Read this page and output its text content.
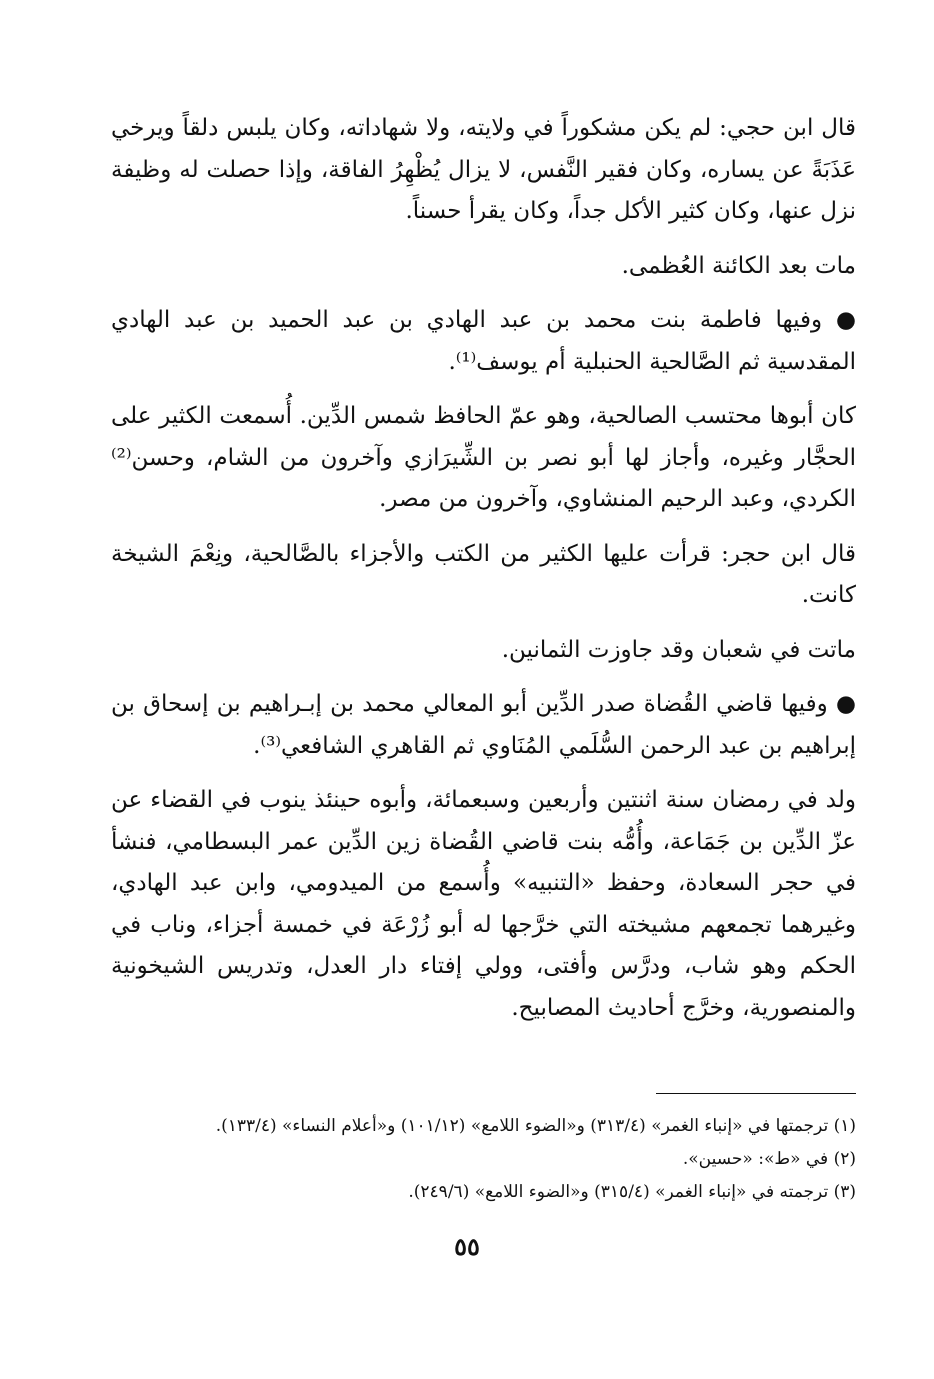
قال ابن حجي: لم يكن مشكوراً في ولايته، ولا شهاداته، وكان يلبس دلقاً ويرخي عَذَبَةً عن يساره، وكان فقير النَّفس، لا يزال يُظْهِرُ الفاقة، وإذا حصلت له وظيفة نزل عنها، وكان كثير الأكل جداً، وكان يقرأ حسناً.

مات بعد الكائنة العُظمى.

● وفيها فاطمة بنت محمد بن عبد الهادي بن عبد الحميد بن عبد الهادي المقدسية ثم الصَّالحية الحنبلية أم يوسف⁽¹⁾.

كان أبوها محتسب الصالحية، وهو عمّ الحافظ شمس الدِّين. أُسمعت الكثير على الحجَّار وغيره، وأجاز لها أبو نصر بن الشِّيرَازي وآخرون من الشام، وحسن⁽²⁾ الكردي، وعبد الرحيم المنشاوي، وآخرون من مصر.

قال ابن حجر: قرأت عليها الكثير من الكتب والأجزاء بالصَّالحية، ونِعْمَ الشيخة كانت.

ماتت في شعبان وقد جاوزت الثمانين.

● وفيها قاضي القُضاة صدر الدِّين أبو المعالي محمد بن إبـراهيم بن إسحاق بن إبراهيم بن عبد الرحمن السُّلَمي المُنَاوي ثم القاهري الشافعي⁽³⁾.

ولد في رمضان سنة اثنتين وأربعين وسبعمائة، وأبوه حينئذ ينوب في القضاء عن عزّ الدِّين بن جَمَاعة، وأُمُّه بنت قاضي القُضاة زين الدِّين عمر البسطامي، فنشأ في حجر السعادة، وحفظ «التنبيه» وأُسمع من الميدومي، وابن عبد الهادي، وغيرهما تجمعهم مشيخته التي خرَّجها له أبو زُرْعَة في خمسة أجزاء، وناب في الحكم وهو شاب، ودرَّس وأفتى، وولي إفتاء دار العدل، وتدريس الشيخونية والمنصورية، وخرَّج أحاديث المصابيح.

(١) ترجمتها في «إنباء الغمر» (٣١٣/٤) و«الضوء اللامع» (١٠١/١٢) و«أعلام النساء» (١٣٣/٤).
(٢) في «ط»: «حسين».
(٣) ترجمته في «إنباء الغمر» (٣١٥/٤) و«الضوء اللامع» (٢٤٩/٦).
٥٥
